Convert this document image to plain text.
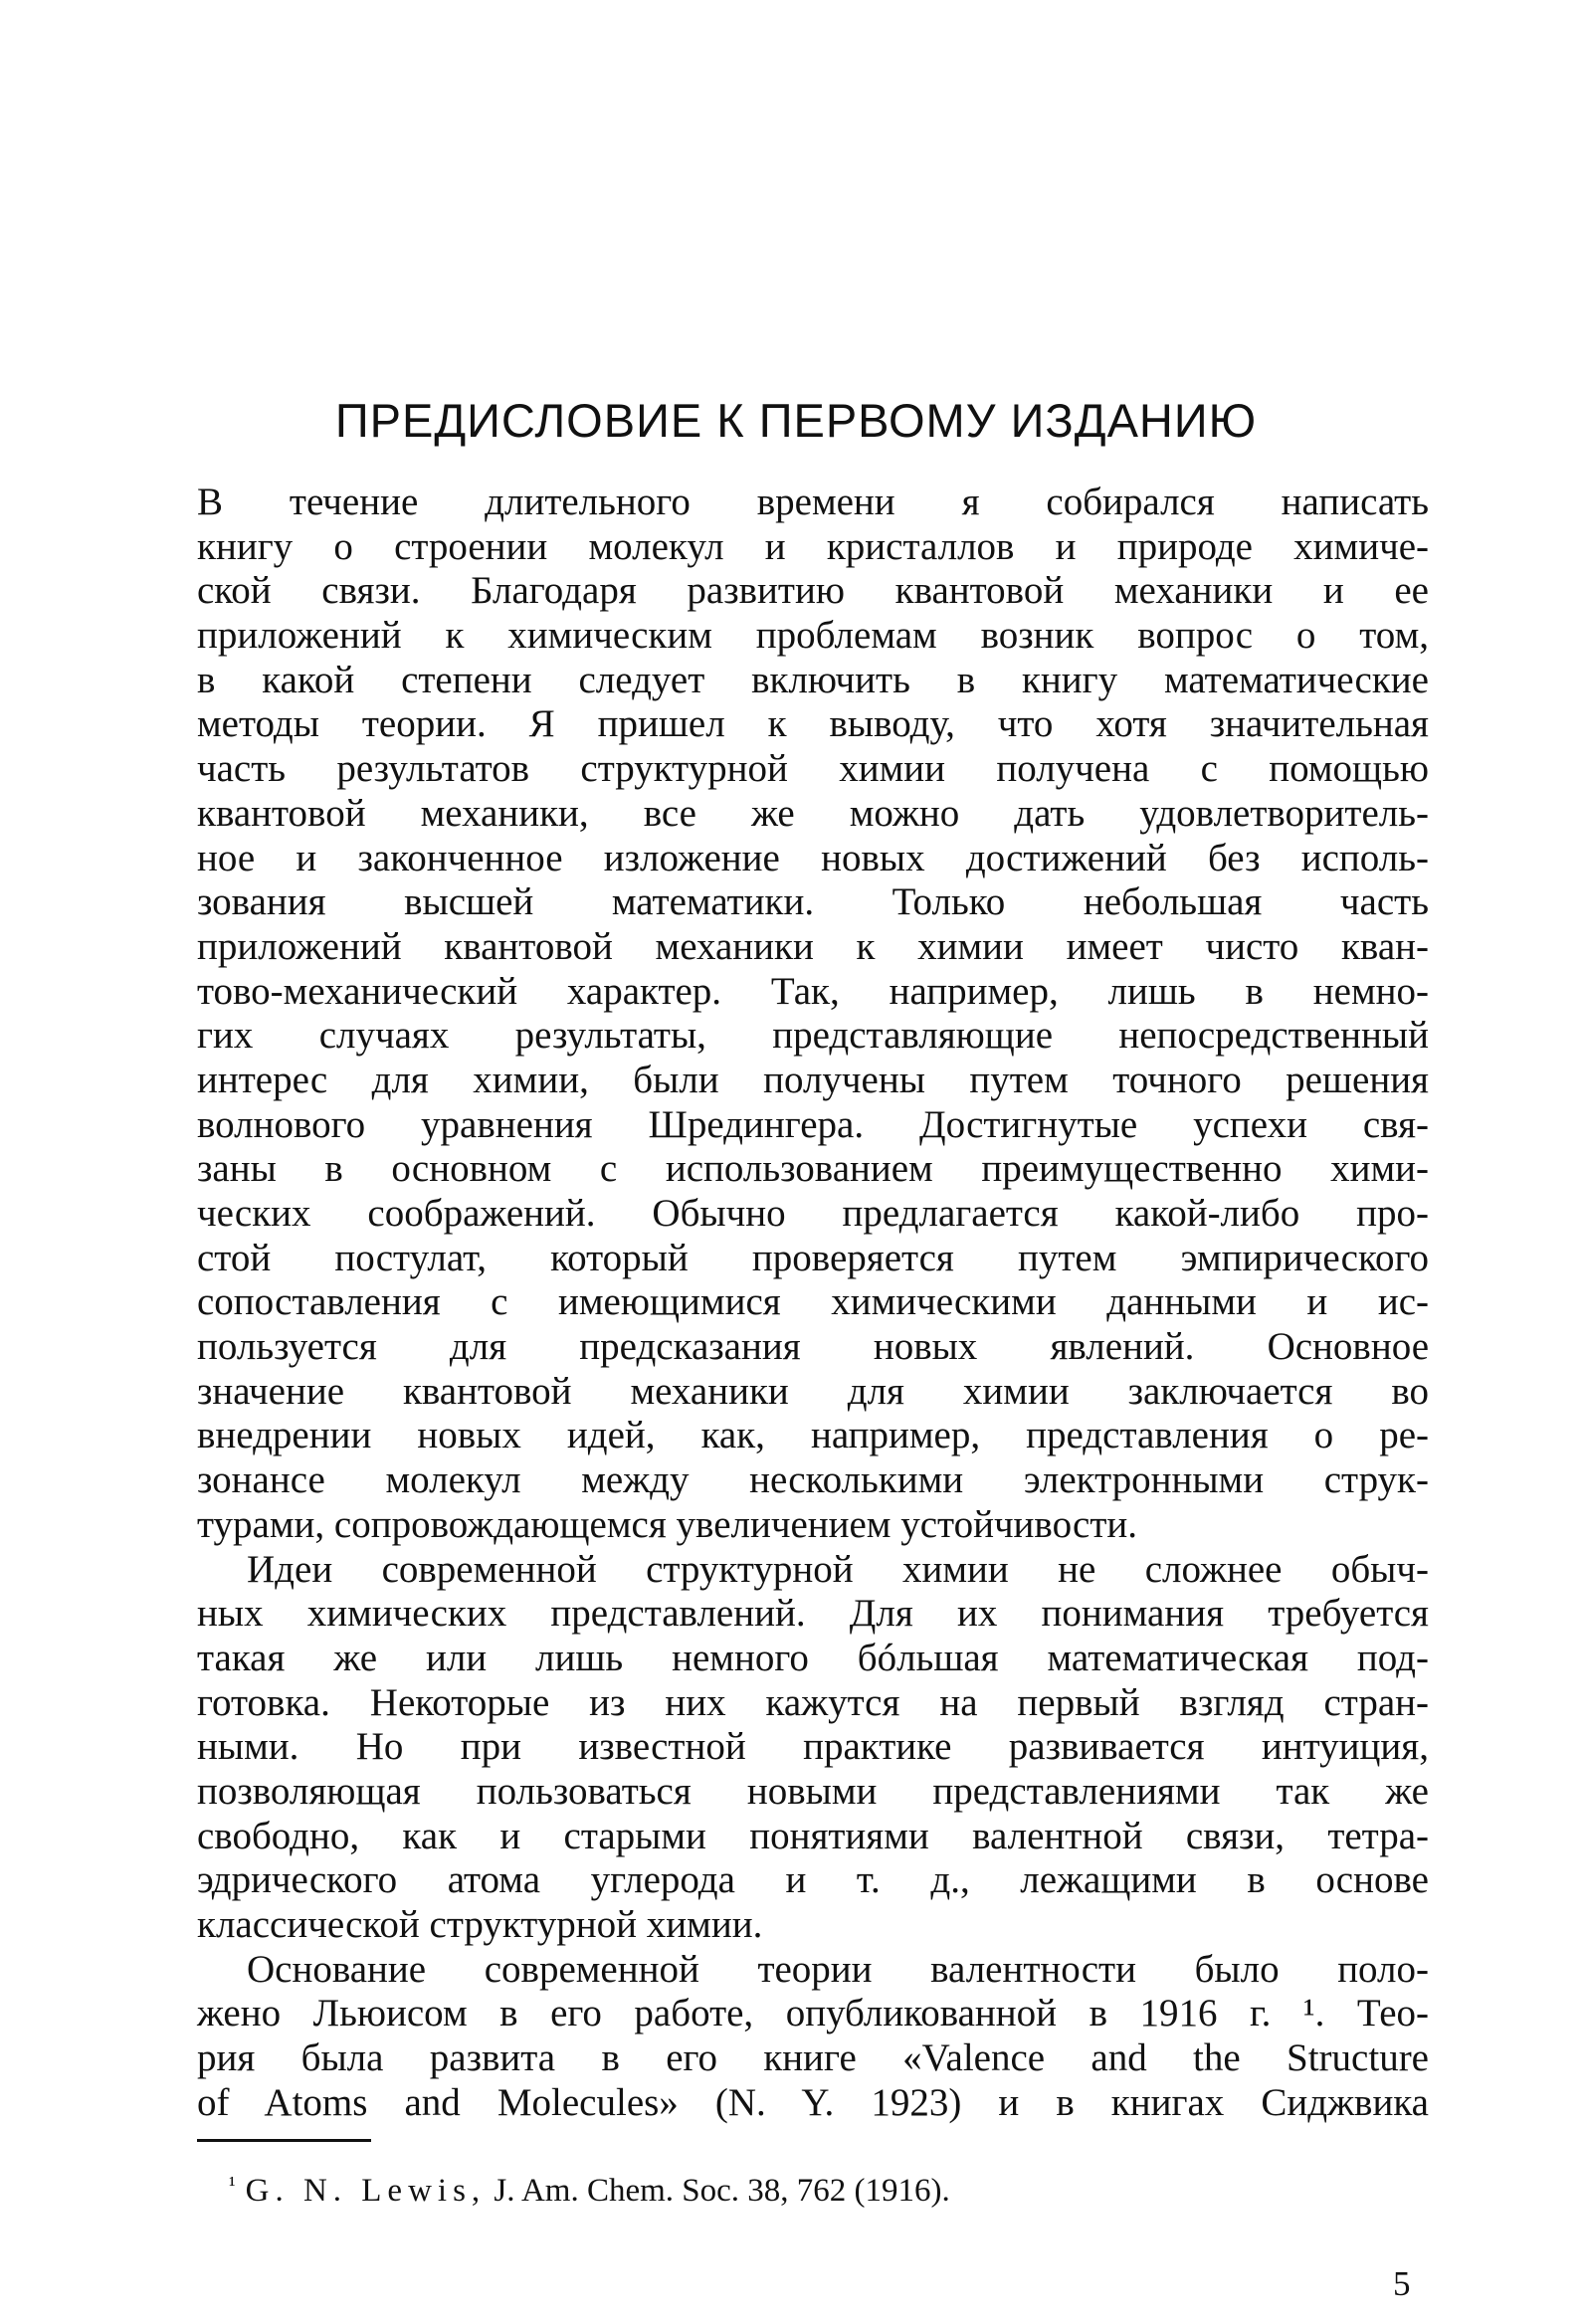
ПРЕДИСЛОВИЕ К ПЕРВОМУ ИЗДАНИЮ
В течение длительного времени я собирался написать
книгу о строении молекул и кристаллов и природе химиче-
ской связи. Благодаря развитию квантовой механики и ее
приложений к химическим проблемам возник вопрос о том,
в какой степени следует включить в книгу математические
методы теории. Я пришел к выводу, что хотя значительная
часть результатов структурной химии получена с помощью
квантовой механики, все же можно дать удовлетворитель-
ное и законченное изложение новых достижений без исполь-
зования высшей математики. Только небольшая часть
приложений квантовой механики к химии имеет чисто кван-
тово-механический характер. Так, например, лишь в немно-
гих случаях результаты, представляющие непосредственный
интерес для химии, были получены путем точного решения
волнового уравнения Шредингера. Достигнутые успехи свя-
заны в основном с использованием преимущественно хими-
ческих соображений. Обычно предлагается какой-либо про-
стой постулат, который проверяется путем эмпирического
сопоставления с имеющимися химическими данными и ис-
пользуется для предсказания новых явлений. Основное
значение квантовой механики для химии заключается во
внедрении новых идей, как, например, представления о ре-
зонансе молекул между несколькими электронными струк-
турами, сопровождающемся увеличением устойчивости.
Идеи современной структурной химии не сложнее обыч-
ных химических представлений. Для их понимания требуется
такая же или лишь немного бóльшая математическая под-
готовка. Некоторые из них кажутся на первый взгляд стран-
ными. Но при известной практике развивается интуиция,
позволяющая пользоваться новыми представлениями так же
свободно, как и старыми понятиями валентной связи, тетра-
эдрического атома углерода и т. д., лежащими в основе
классической структурной химии.
Основание современной теории валентности было поло-
жено Льюисом в его работе, опубликованной в 1916 г. ¹. Тео-
рия была развита в его книге «Valence and the Structure
of Atoms and Molecules» (N. Y. 1923) и в книгах Сиджвика
$^{^1}$ G. N. Lewis, J. Am. Chem. Soc. 38, 762 (1916).
5
